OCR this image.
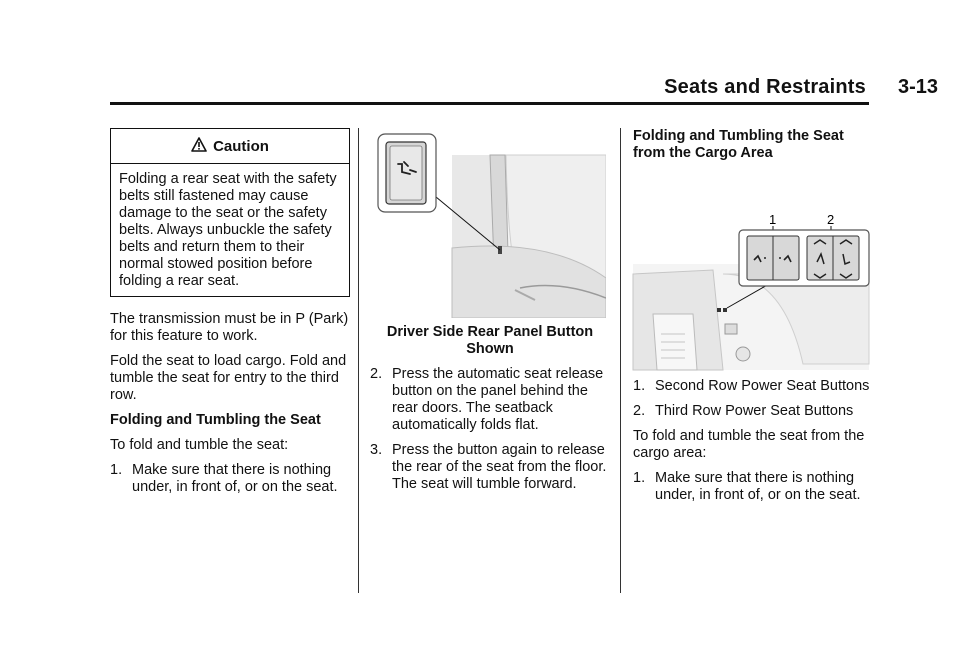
Seats and Restraints 3-13
Caution
Folding a rear seat with the safety belts still fastened may cause damage to the seat or the safety belts. Always unbuckle the safety belts and return them to their normal stowed position before folding a rear seat.

The transmission must be in P (Park) for this feature to work.

Fold the seat to load cargo. Fold and tumble the seat for entry to the third row.

Folding and Tumbling the Seat

To fold and tumble the seat:

1. Make sure that there is nothing under, in front of, or on the seat.
Driver Side Rear Panel Button Shown
2. Press the automatic seat release button on the panel behind the rear doors. The seatback automatically folds flat.
3. Press the button again to release the rear of the seat from the floor. The seat will tumble forward.

Folding and Tumbling the Seat from the Cargo Area

1	2
1. Second Row Power Seat Buttons
2. Third Row Power Seat Buttons

To fold and tumble the seat from the cargo area:

1. Make sure that there is nothing under, in front of, or on the seat.
